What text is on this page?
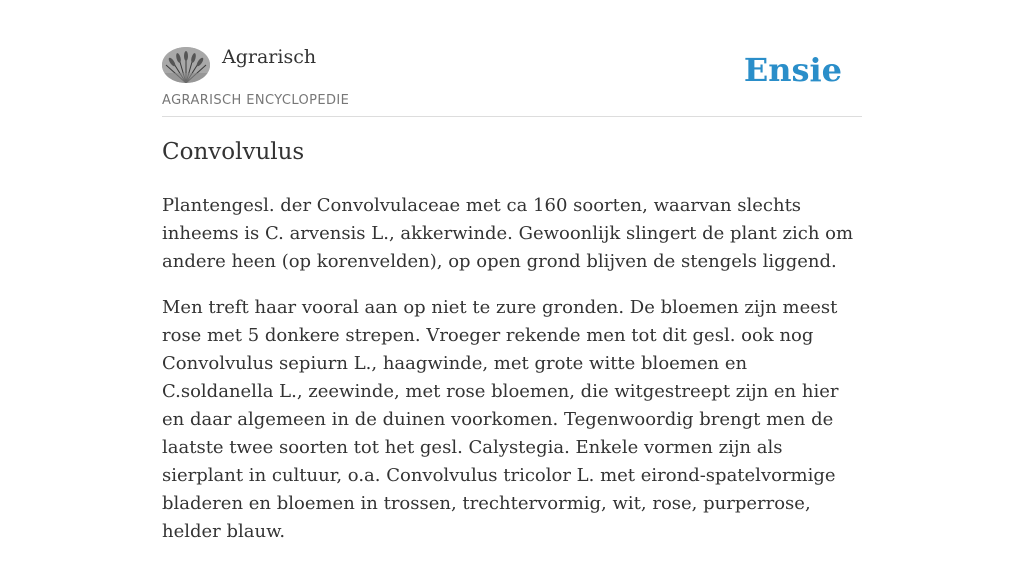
Agrarisch
AGRARISCH ENCYCLOPEDIE
Ensie
Convolvulus

Plantengesl. der Convolvulaceae met ca 160 soorten, waarvan slechts inheems is C. arvensis L., akkerwinde. Gewoonlijk slingert de plant zich om andere heen (op korenvelden), op open grond blijven de stengels liggend.

Men treft haar vooral aan op niet te zure gronden. De bloemen zijn meest rose met 5 donkere strepen. Vroeger rekende men tot dit gesl. ook nog Convolvulus sepiurn L., haagwinde, met grote witte bloemen en C.soldanella L., zeewinde, met rose bloemen, die witgestreept zijn en hier en daar algemeen in de duinen voorkomen. Tegenwoordig brengt men de laatste twee soorten tot het gesl. Calystegia. Enkele vormen zijn als sierplant in cultuur, o.a. Convolvulus tricolor L. met eirond-spatelvormige bladeren en bloemen in trossen, trechtervormig, wit, rose, purperrose, helder blauw.
